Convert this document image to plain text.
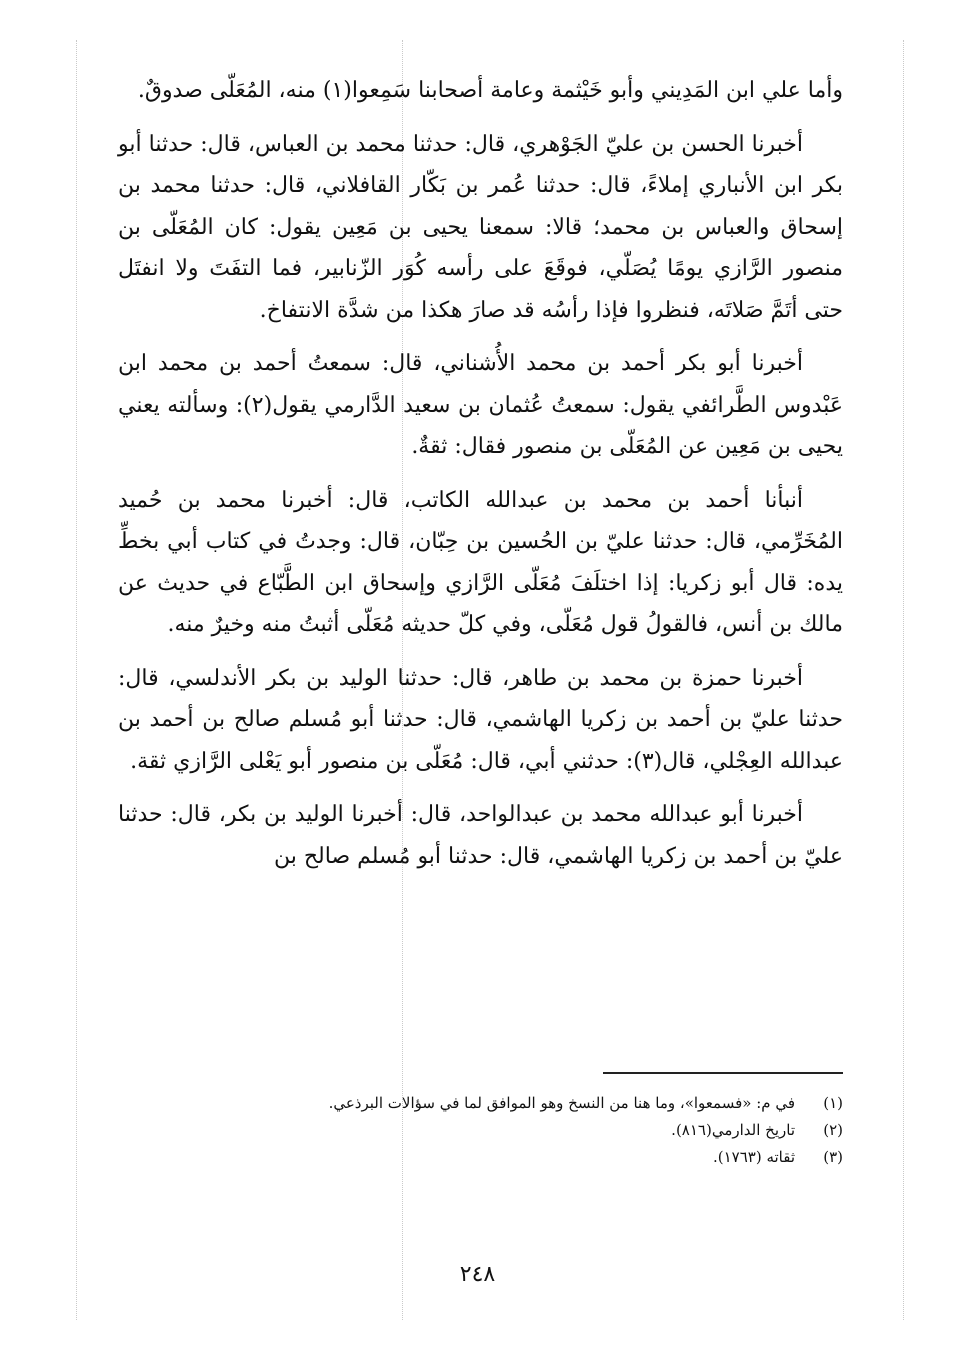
وأما علي ابن المَدِيني وأبو خَيْثمة وعامة أصحابنا سَمِعوا(١) منه، المُعَلّى صدوقٌ.

أخبرنا الحسن بن عليّ الجَوْهري، قال: حدثنا محمد بن العباس، قال: حدثنا أبو بكر ابن الأنباري إملاءً، قال: حدثنا عُمر بن بَكّار القافلاني، قال: حدثنا محمد بن إسحاق والعباس بن محمد؛ قالا: سمعنا يحيى بن مَعِين يقول: كان المُعَلّى بن منصور الرَّازي يومًا يُصَلّي، فوقَعَ على رأسه كُوَر الزّنابير، فما التفَتَ ولا انفتَل حتى أتَمَّ صَلاتَه، فنظروا فإذا رأسُه قد صارَ هكذا من شدَّة الانتفاخ.

أخبرنا أبو بكر أحمد بن محمد الأُشناني، قال: سمعتُ أحمد بن محمد ابن عَبْدوس الطَّرائفي يقول: سمعتُ عُثمان بن سعيد الدَّارمي يقول(٢): وسألته يعني يحيى بن مَعِين عن المُعَلّى بن منصور فقال: ثقةٌ.

أنبأنا أحمد بن محمد بن عبدالله الكاتب، قال: أخبرنا محمد بن حُميد المُخَرِّمي، قال: حدثنا عليّ بن الحُسين بن حِبّان، قال: وجدتُ في كتاب أبي بخطِّ يده: قال أبو زكريا: إذا اختلَفَ مُعَلّى الرَّازي وإسحاق ابن الطَّبّاع في حديث عن مالك بن أنس، فالقولُ قول مُعَلّى، وفي كلّ حديثه مُعَلّى أثبتُ منه وخيرٌ منه.

أخبرنا حمزة بن محمد بن طاهر، قال: حدثنا الوليد بن بكر الأندلسي، قال: حدثنا عليّ بن أحمد بن زكريا الهاشمي، قال: حدثنا أبو مُسلم صالح بن أحمد بن عبدالله العِجْلي، قال(٣): حدثني أبي، قال: مُعَلّى بن منصور أبو يَعْلى الرَّازي ثقة.

أخبرنا أبو عبدالله محمد بن عبدالواحد، قال: أخبرنا الوليد بن بكر، قال: حدثنا عليّ بن أحمد بن زكريا الهاشمي، قال: حدثنا أبو مُسلم صالح بن

(١)
في م: «فسمعوا»، وما هنا من النسخ وهو الموافق لما في سؤالات البرذعي.
(٢)
تاريخ الدارمي(٨١٦).
(٣)
ثقاته (١٧٦٣).
٢٤٨
